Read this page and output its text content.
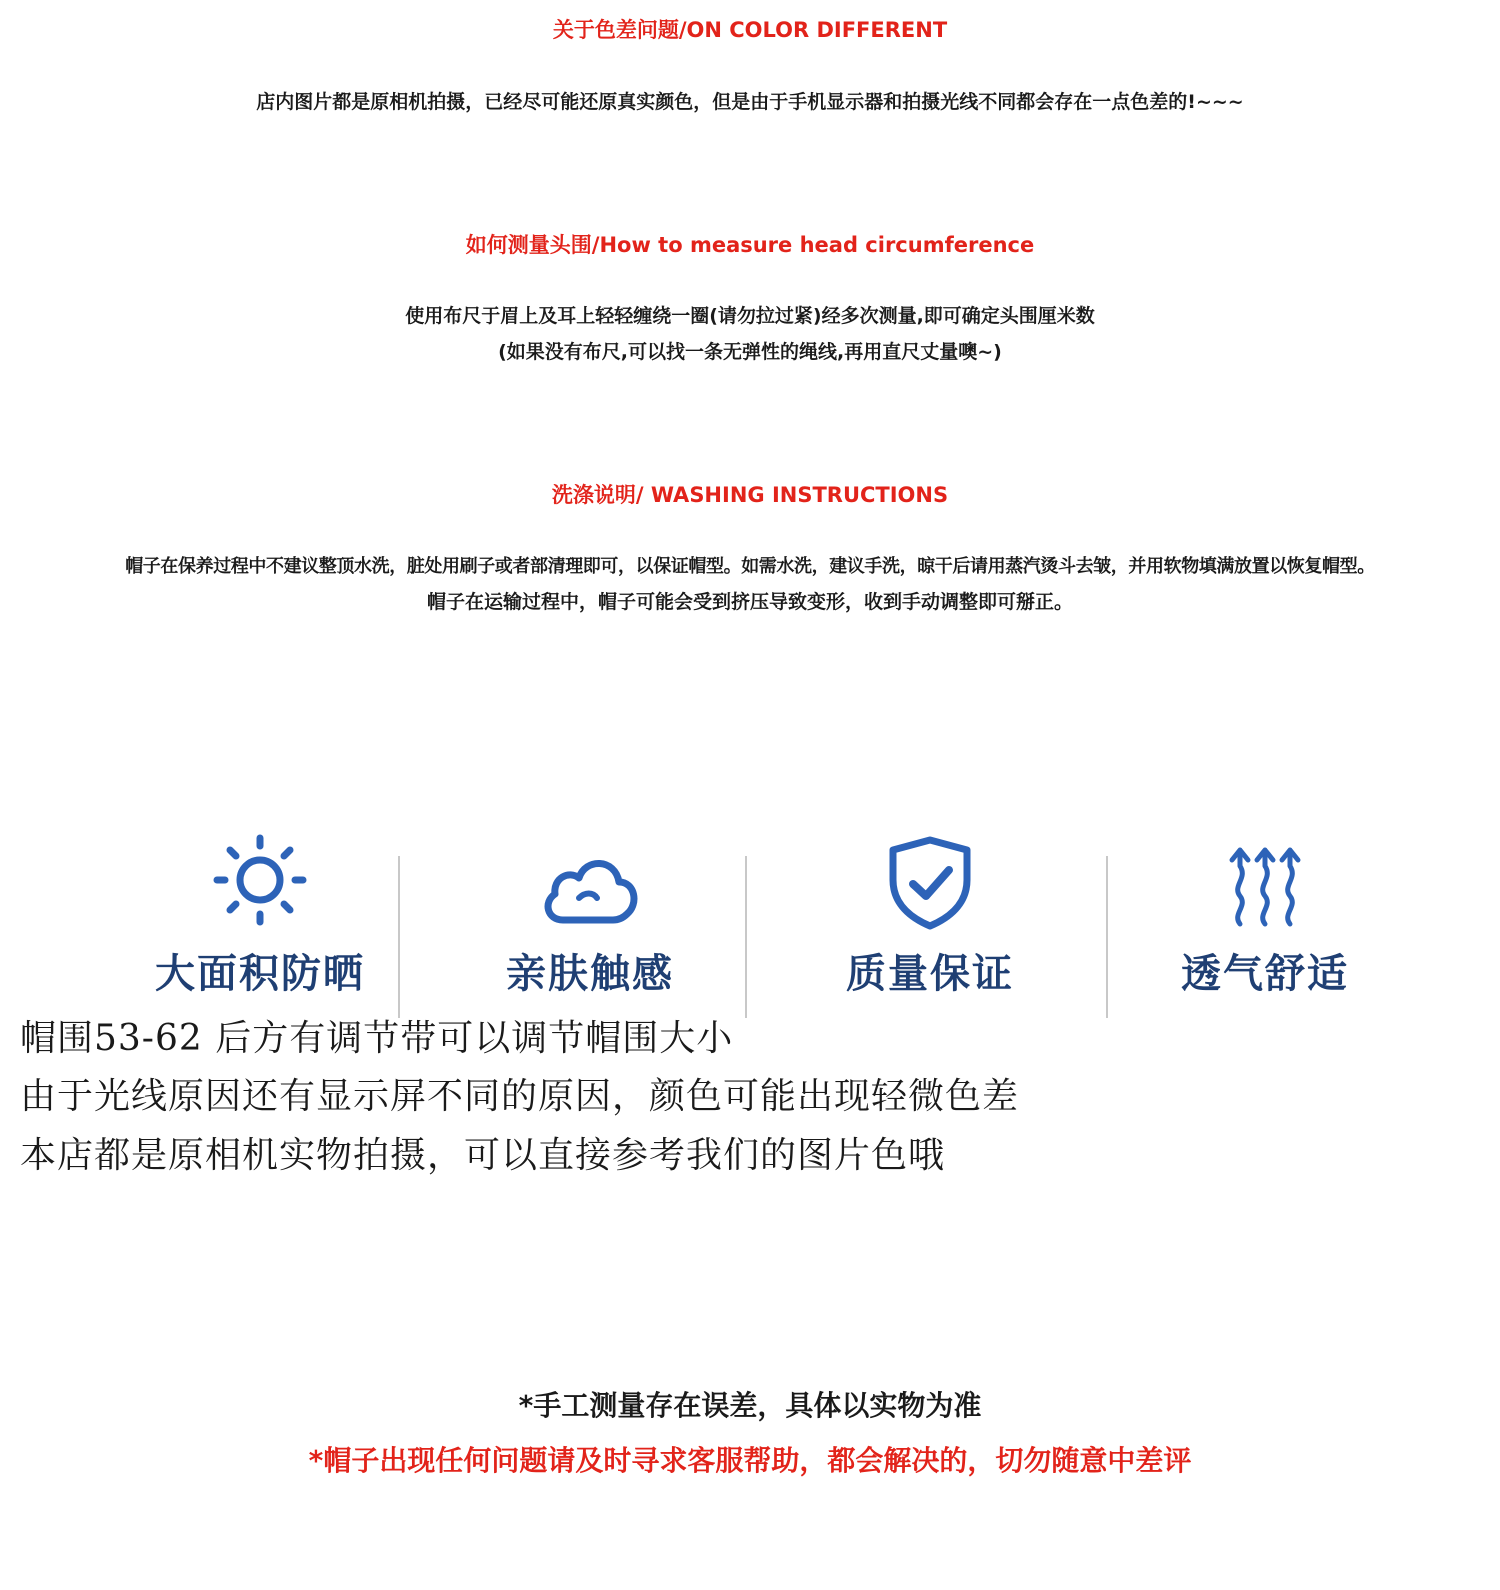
关于色差问题/ON COLOR DIFFERENT
店内图片都是原相机拍摄，已经尽可能还原真实颜色，但是由于手机显示器和拍摄光线不同都会存在一点色差的!~~~
如何测量头围/How to measure head circumference
使用布尺于眉上及耳上轻轻缠绕一圈(请勿拉过紧)经多次测量,即可确定头围厘米数
(如果没有布尺,可以找一条无弹性的绳线,再用直尺丈量噢~)
洗涤说明/ WASHING INSTRUCTIONS
帽子在保养过程中不建议整顶水洗，脏处用刷子或者部清理即可，以保证帽型。如需水洗，建议手洗，晾干后请用蒸汽烫斗去皱，并用软物填满放置以恢复帽型。
帽子在运输过程中，帽子可能会受到挤压导致变形，收到手动调整即可掰正。
大面积防晒	亲肤触感	质量保证	透气舒适
帽围53-62 后方有调节带可以调节帽围大小
由于光线原因还有显示屏不同的原因，颜色可能出现轻微色差
本店都是原相机实物拍摄，可以直接参考我们的图片色哦
*手工测量存在误差，具体以实物为准
*帽子出现任何问题请及时寻求客服帮助，都会解决的，切勿随意中差评
